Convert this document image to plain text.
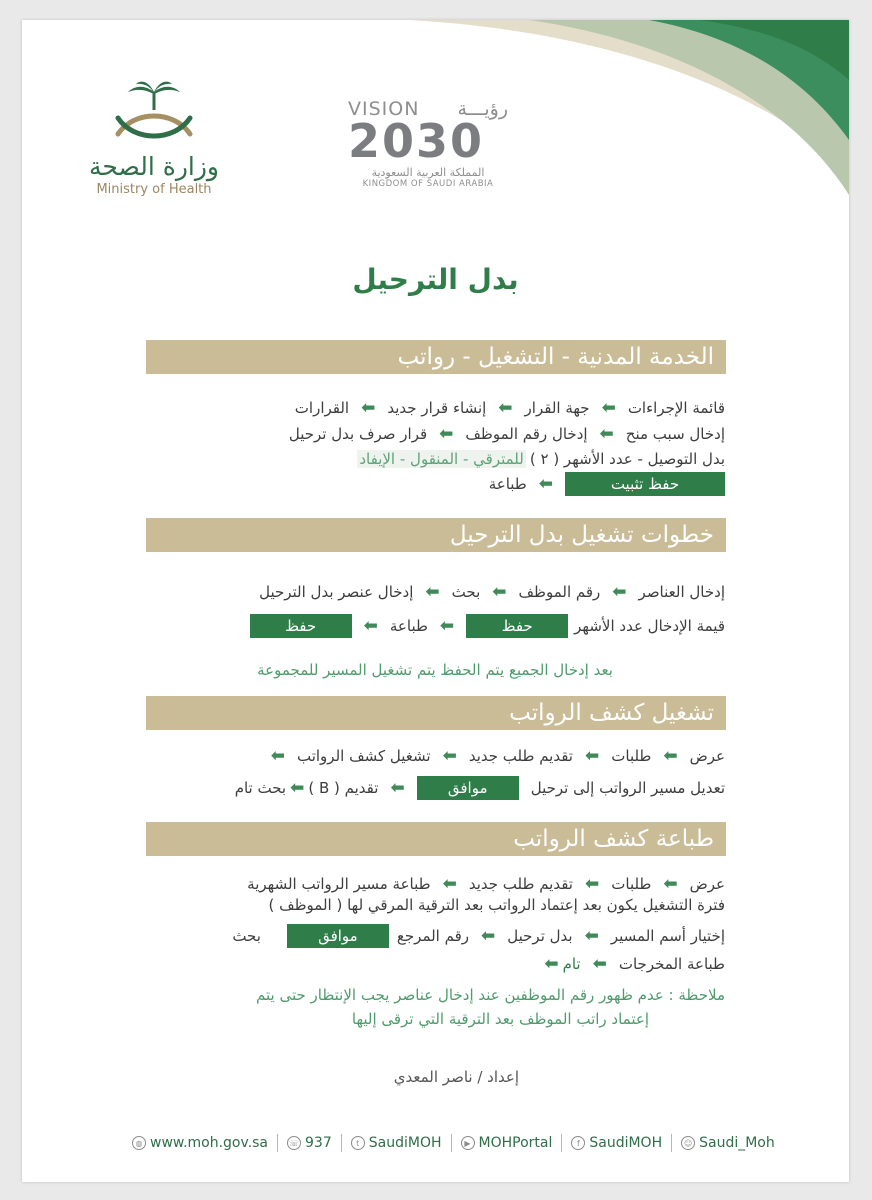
وزارة الصحة
Ministry of Health
VISION رؤيـــة
2030
المملكة العربية السعودية
KINGDOM OF SAUDI ARABIA
بدل الترحيل
الخدمة المدنية - التشغيل - رواتب
قائمة الإجراءات
⬅
جهة القرار
⬅
إنشاء قرار جديد
⬅
القرارات
إدخال سبب منح
⬅
إدخال رقم الموظف
⬅
قرار صرف بدل ترحيل
بدل التوصيل - عدد الأشهر ( ٢ )
للمترقي - المنقول - الإيفاد
حفظ تثبيت
⬅
طباعة
خطوات تشغيل بدل الترحيل
إدخال العناصر
⬅
رقم الموظف
⬅
بحث
⬅
إدخال عنصر بدل الترحيل
قيمة الإدخال عدد الأشهر
حفظ
⬅
طباعة
⬅
حفظ
بعد إدخال الجميع يتم الحفظ يتم تشغيل المسير للمجموعة
تشغيل كشف الرواتب
عرض
⬅
طلبات
⬅
تقديم طلب جديد
⬅
تشغيل كشف الرواتب
⬅
تعديل مسير الرواتب إلى ترحيل
موافق
⬅
تقديم ( B )
⬅
بحث تام
طباعة كشف الرواتب
عرض
⬅
طلبات
⬅
تقديم طلب جديد
⬅
طباعة مسير الرواتب الشهرية
فترة التشغيل يكون بعد إعتماد الرواتب بعد الترقية المرقي لها ( الموظف )
إختيار أسم المسير
⬅
بدل ترحيل
⬅
رقم المرجع
موافق
بحث
طباعة المخرجات
⬅
تام
⬅
ملاحظة : عدم ظهور رقم الموظفين عند إدخال عناصر يجب الإنتظار حتى يتم
إعتماد راتب الموظف بعد الترقية التي ترقى إليها
إعداد / ناصر المعدي
◍ www.moh.gov.sa	☏ 937	t SaudiMOH	▶ MOHPortal	f SaudiMOH	☺ Saudi_Moh
